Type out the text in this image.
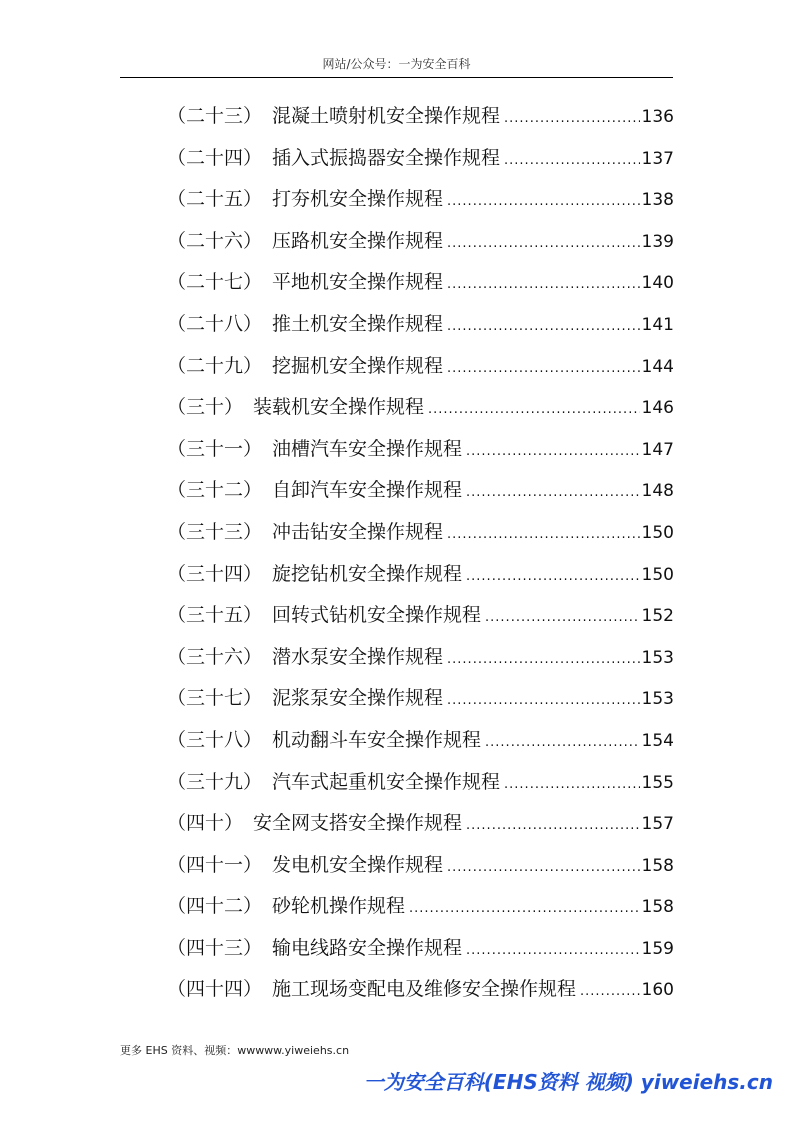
网站/公众号：一为安全百科
（二十三） 混凝土喷射机安全操作规程 .....	136
（二十四） 插入式振捣器安全操作规程 .....	137
（二十五） 打夯机安全操作规程 .....	138
（二十六） 压路机安全操作规程 .....	139
（二十七） 平地机安全操作规程 .....	140
（二十八） 推土机安全操作规程 .....	141
（二十九） 挖掘机安全操作规程 .....	144
（三十） 装载机安全操作规程 .....	146
（三十一） 油槽汽车安全操作规程 .....	147
（三十二） 自卸汽车安全操作规程 .....	148
（三十三） 冲击钻安全操作规程 .....	150
（三十四） 旋挖钻机安全操作规程 .....	150
（三十五） 回转式钻机安全操作规程 .....	152
（三十六） 潜水泵安全操作规程 .....	153
（三十七） 泥浆泵安全操作规程 .....	153
（三十八） 机动翻斗车安全操作规程 .....	154
（三十九） 汽车式起重机安全操作规程 .....	155
（四十） 安全网支搭安全操作规程 .....	157
（四十一） 发电机安全操作规程 .....	158
（四十二） 砂轮机操作规程 .....	158
（四十三） 输电线路安全操作规程 .....	159
（四十四） 施工现场变配电及维修安全操作规程 .....	160
更多 EHS 资料、视频：wwwww.yiweiehs.cn
一为安全百科(EHS资料 视频) yiweiehs.cn
